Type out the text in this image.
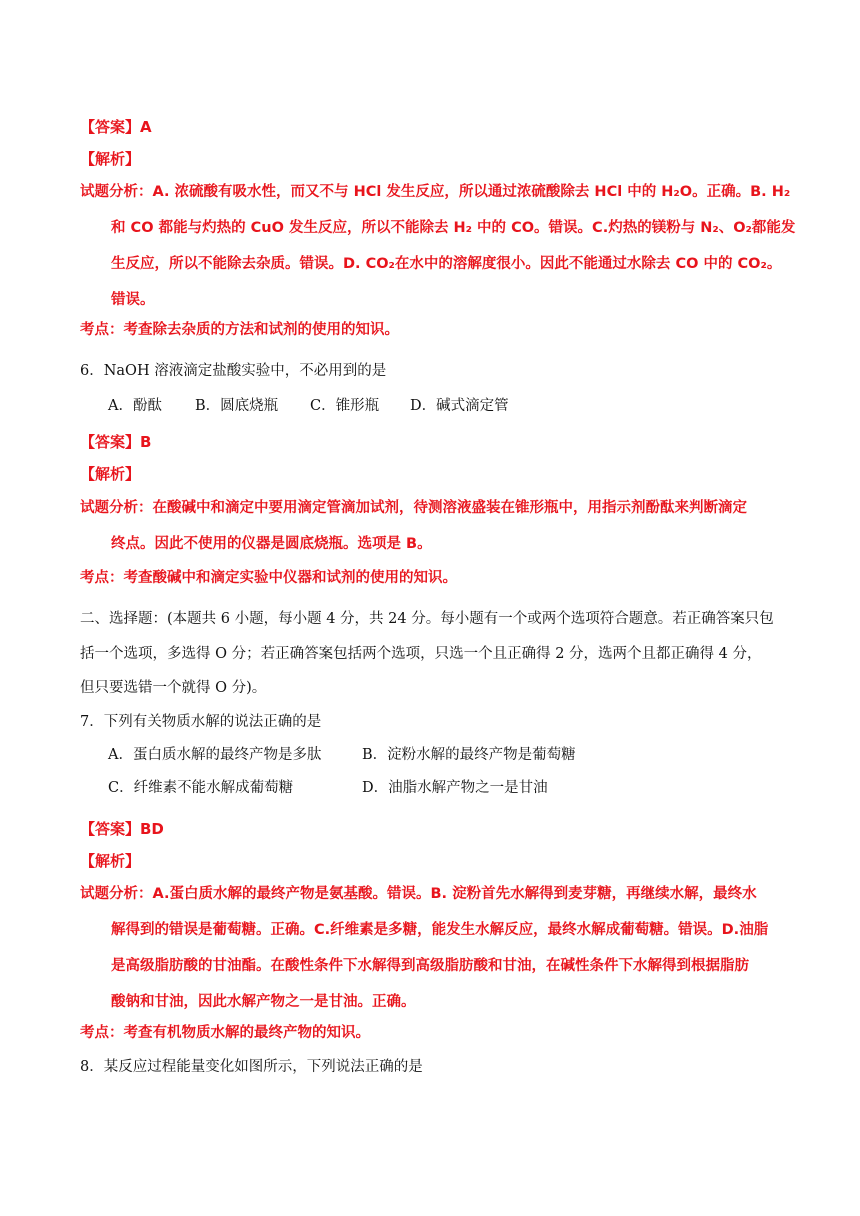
【答案】A
【解析】
试题分析：A. 浓硫酸有吸水性，而又不与 HCl 发生反应，所以通过浓硫酸除去 HCl 中的 H₂O。正确。B. H₂
和 CO 都能与灼热的 CuO 发生反应，所以不能除去 H₂ 中的 CO。错误。C.灼热的镁粉与 N₂、O₂都能发
生反应，所以不能除去杂质。错误。D. CO₂在水中的溶解度很小。因此不能通过水除去 CO 中的 CO₂。
错误。
考点：考查除去杂质的方法和试剂的使用的知识。
6．NaOH 溶液滴定盐酸实验中，不必用到的是
A．酚酞 B．圆底烧瓶 C．锥形瓶 D．碱式滴定管
【答案】B
【解析】
试题分析：在酸碱中和滴定中要用滴定管滴加试剂，待测溶液盛装在锥形瓶中，用指示剂酚酞来判断滴定
终点。因此不使用的仪器是圆底烧瓶。选项是 B。
考点：考查酸碱中和滴定实验中仪器和试剂的使用的知识。
二、选择题：(本题共 6 小题，每小题 4 分，共 24 分。每小题有一个或两个选项符合题意。若正确答案只包
括一个选项，多选得 O 分；若正确答案包括两个选项，只选一个且正确得 2 分，选两个且都正确得 4 分，
但只要选错一个就得 O 分)。
7．下列有关物质水解的说法正确的是
A．蛋白质水解的最终产物是多肽	B．淀粉水解的最终产物是葡萄糖
C．纤维素不能水解成葡萄糖	D．油脂水解产物之一是甘油
【答案】BD
【解析】
试题分析：A.蛋白质水解的最终产物是氨基酸。错误。B. 淀粉首先水解得到麦芽糖，再继续水解，最终水
解得到的错误是葡萄糖。正确。C.纤维素是多糖，能发生水解反应，最终水解成葡萄糖。错误。D.油脂
是高级脂肪酸的甘油酯。在酸性条件下水解得到高级脂肪酸和甘油，在碱性条件下水解得到根据脂肪
酸钠和甘油，因此水解产物之一是甘油。正确。
考点：考查有机物质水解的最终产物的知识。
8．某反应过程能量变化如图所示，下列说法正确的是
